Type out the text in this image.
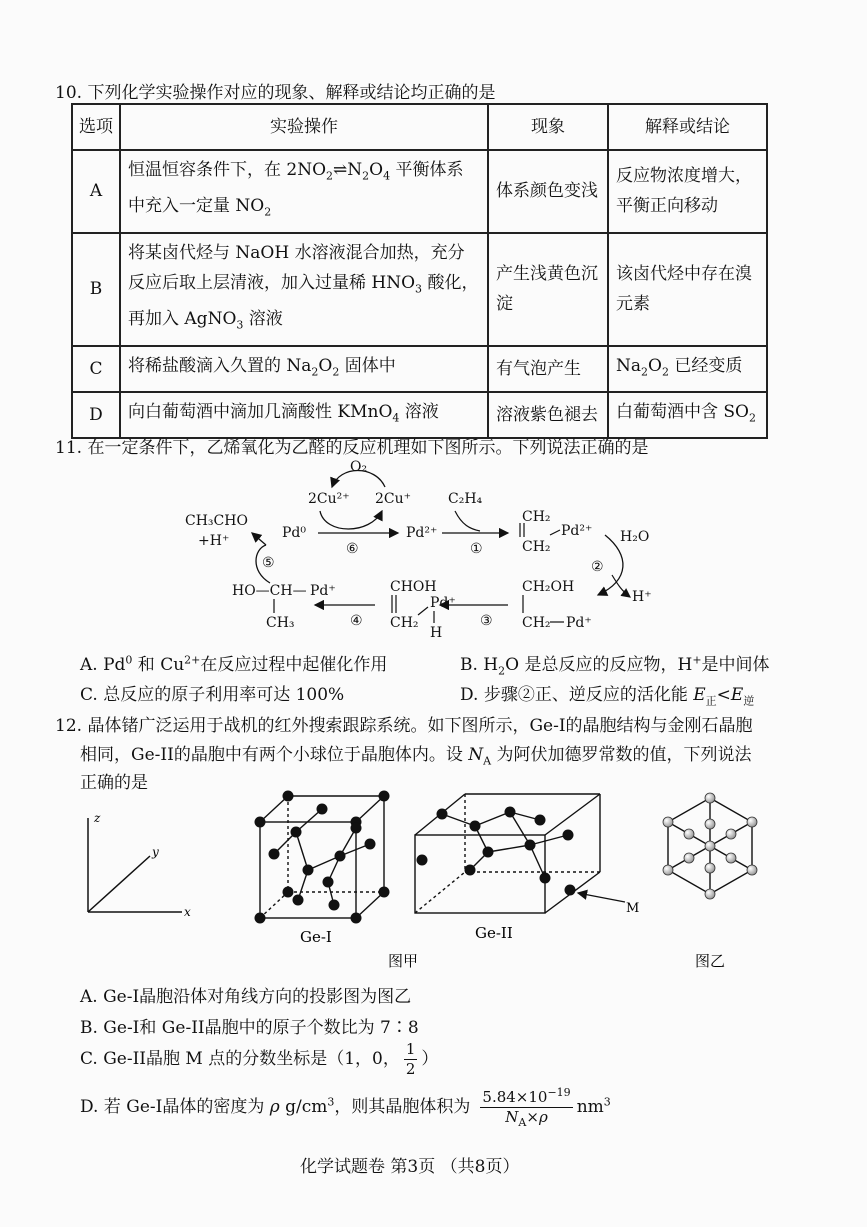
10. 下列化学实验操作对应的现象、解释或结论均正确的是
选项	实验操作	现象	解释或结论
A	恒温恒容条件下，在 $2NO_2\rightleftharpoons N_2O_4$ 平衡体系中充入一定量 $NO_2$	体系颜色变浅	反应物浓度增大，平衡正向移动
B	将某卤代烃与 NaOH 水溶液混合加热，充分反应后取上层清液，加入过量稀 $HNO_3$ 酸化，再加入 AgNO$_3$ 溶液	产生浅黄色沉淀	该卤代烃中存在溴元素
C	将稀盐酸滴入久置的 $Na_2O_2$ 固体中	有气泡产生	$Na_2O_2$ 已经变质
D	向白葡萄酒中滴加几滴酸性 KMnO$_4$ 溶液	溶液紫色褪去	白葡萄酒中含 $SO_2$
11. 在一定条件下，乙烯氧化为乙醛的反应机理如下图所示。下列说法正确的是
O₂
2Cu²⁺ 2Cu⁺
CH₃CHO
+H⁺	Pd⁰
⑥
Pd²⁺
①
C₂H₄
CH₂
CH₂
Pd²⁺ H₂O
②
H⁺
CH₂OH
CH₂ Pd⁺
③
CHOH
CH₂
Pd⁺
H
④
HO—CH— Pd⁺
CH₃
⑤
A. Pd$^0$ 和 $Cu^{2+}$在反应过程中起催化作用	B. $H_2O$ 是总反应的反应物，H+是中间体
C. 总反应的原子利用率可达 100%	D. 步骤②正、逆反应的活化能 $E_正<E_逆$
12. 晶体锗广泛运用于战机的红外搜索跟踪系统。如下图所示，Ge-I的晶胞结构与金刚石晶胞
相同，Ge-II的晶胞中有两个小球位于晶胞体内。设 $N_A$ 为阿伏加德罗常数的值，下列说法
正确的是
z
y
x
Ge-I
M
Ge-II
图甲	图乙
A. Ge-I晶胞沿体对角线方向的投影图为图乙
B. Ge-I和 Ge-II晶胞中的原子个数比为 7∶8
C. Ge-II晶胞 M 点的分数坐标是（1，0， $\frac{1}{2}$ ）
D. 若 Ge-I晶体的密度为 ρ $g/cm^3$，则其晶胞体积为 $\frac{5.84\times 10^{-19}}{N_A\times\rho} nm^3$
化学试题卷 第3页 （共8页）
